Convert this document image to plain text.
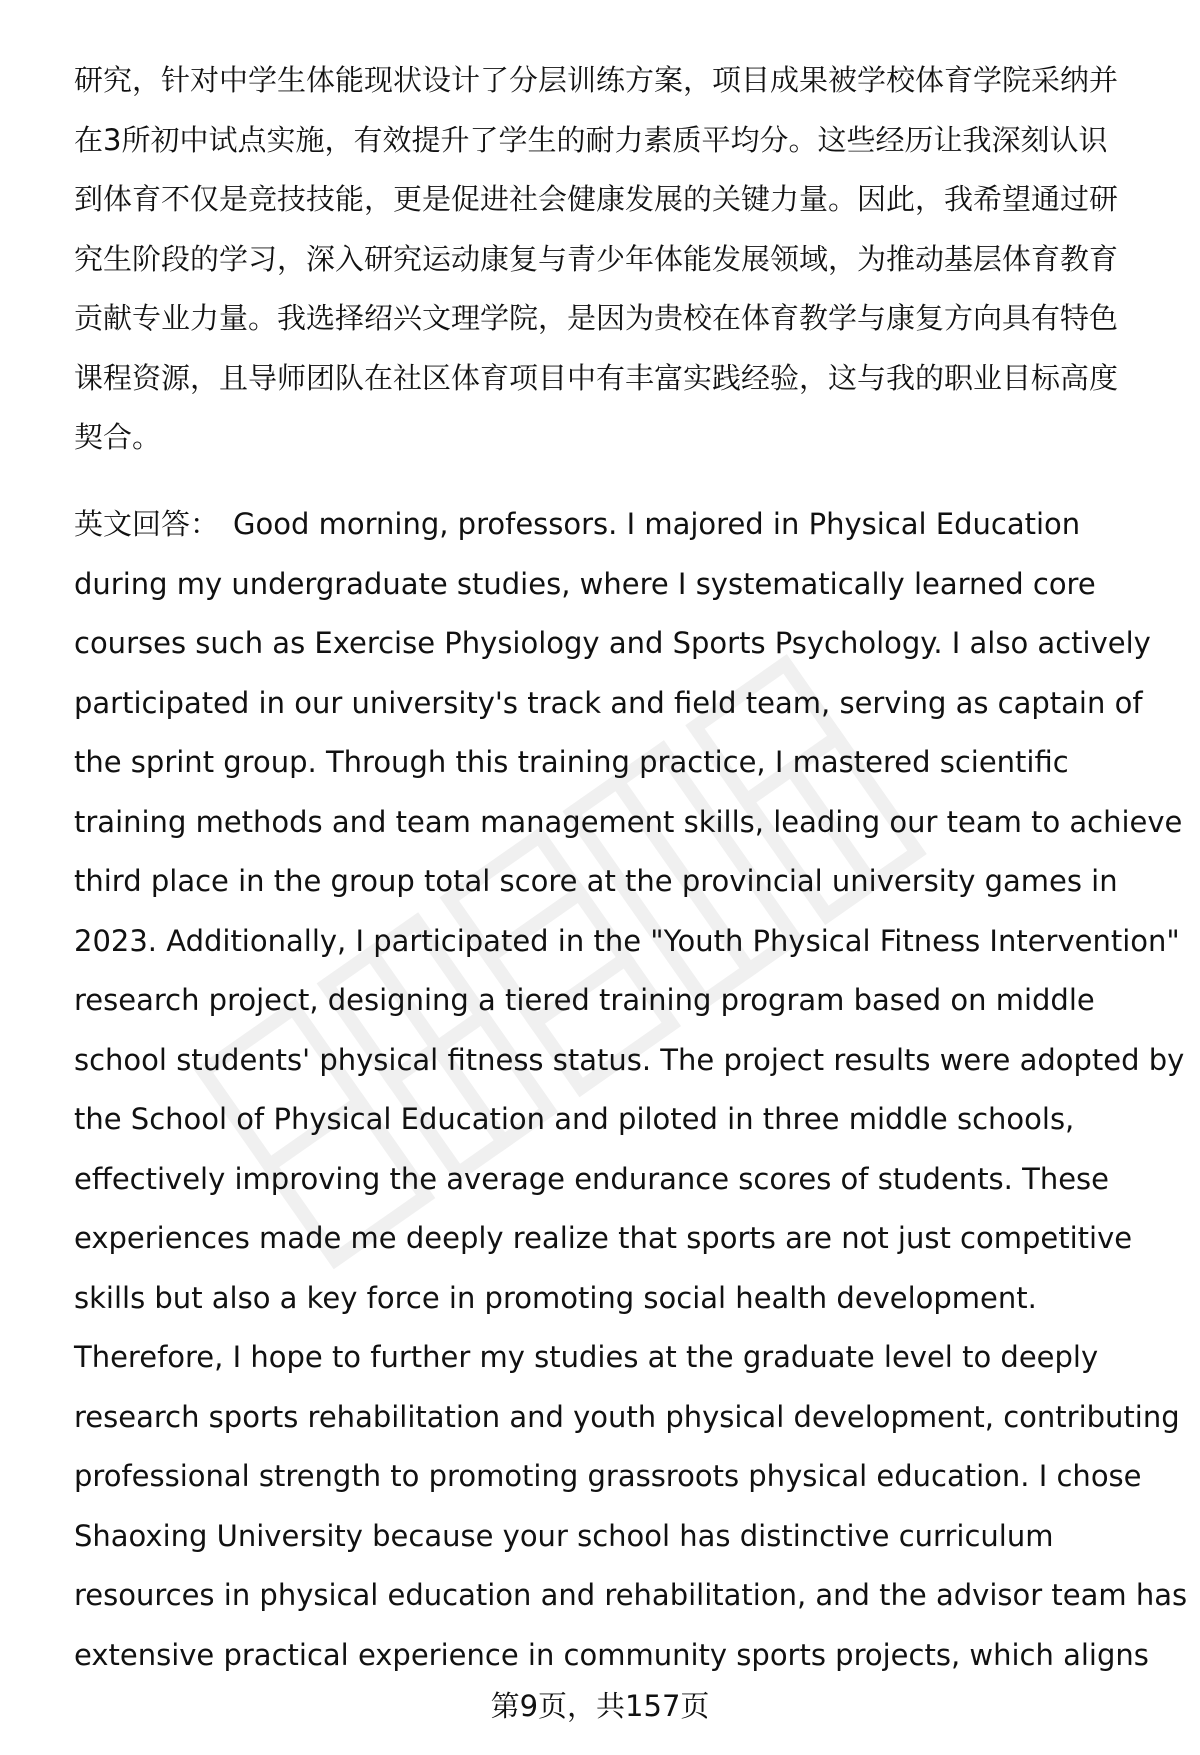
研究，针对中学生体能现状设计了分层训练方案，项目成果被学校体育学院采纳并
在3所初中试点实施，有效提升了学生的耐力素质平均分。这些经历让我深刻认识
到体育不仅是竞技技能，更是促进社会健康发展的关键力量。因此，我希望通过研
究生阶段的学习，深入研究运动康复与青少年体能发展领域，为推动基层体育教育
贡献专业力量。我选择绍兴文理学院，是因为贵校在体育教学与康复方向具有特色
课程资源，且导师团队在社区体育项目中有丰富实践经验，这与我的职业目标高度
契合。
英文回答： Good morning, professors. I majored in Physical Education
during my undergraduate studies, where I systematically learned core
courses such as Exercise Physiology and Sports Psychology. I also actively
participated in our university's track and field team, serving as captain of
the sprint group. Through this training practice, I mastered scientific
training methods and team management skills, leading our team to achieve
third place in the group total score at the provincial university games in
2023. Additionally, I participated in the "Youth Physical Fitness Intervention"
research project, designing a tiered training program based on middle
school students' physical fitness status. The project results were adopted by
the School of Physical Education and piloted in three middle schools,
effectively improving the average endurance scores of students. These
experiences made me deeply realize that sports are not just competitive
skills but also a key force in promoting social health development.
Therefore, I hope to further my studies at the graduate level to deeply
research sports rehabilitation and youth physical development, contributing
professional strength to promoting grassroots physical education. I chose
Shaoxing University because your school has distinctive curriculum
resources in physical education and rehabilitation, and the advisor team has
extensive practical experience in community sports projects, which aligns
第9页，共157页
